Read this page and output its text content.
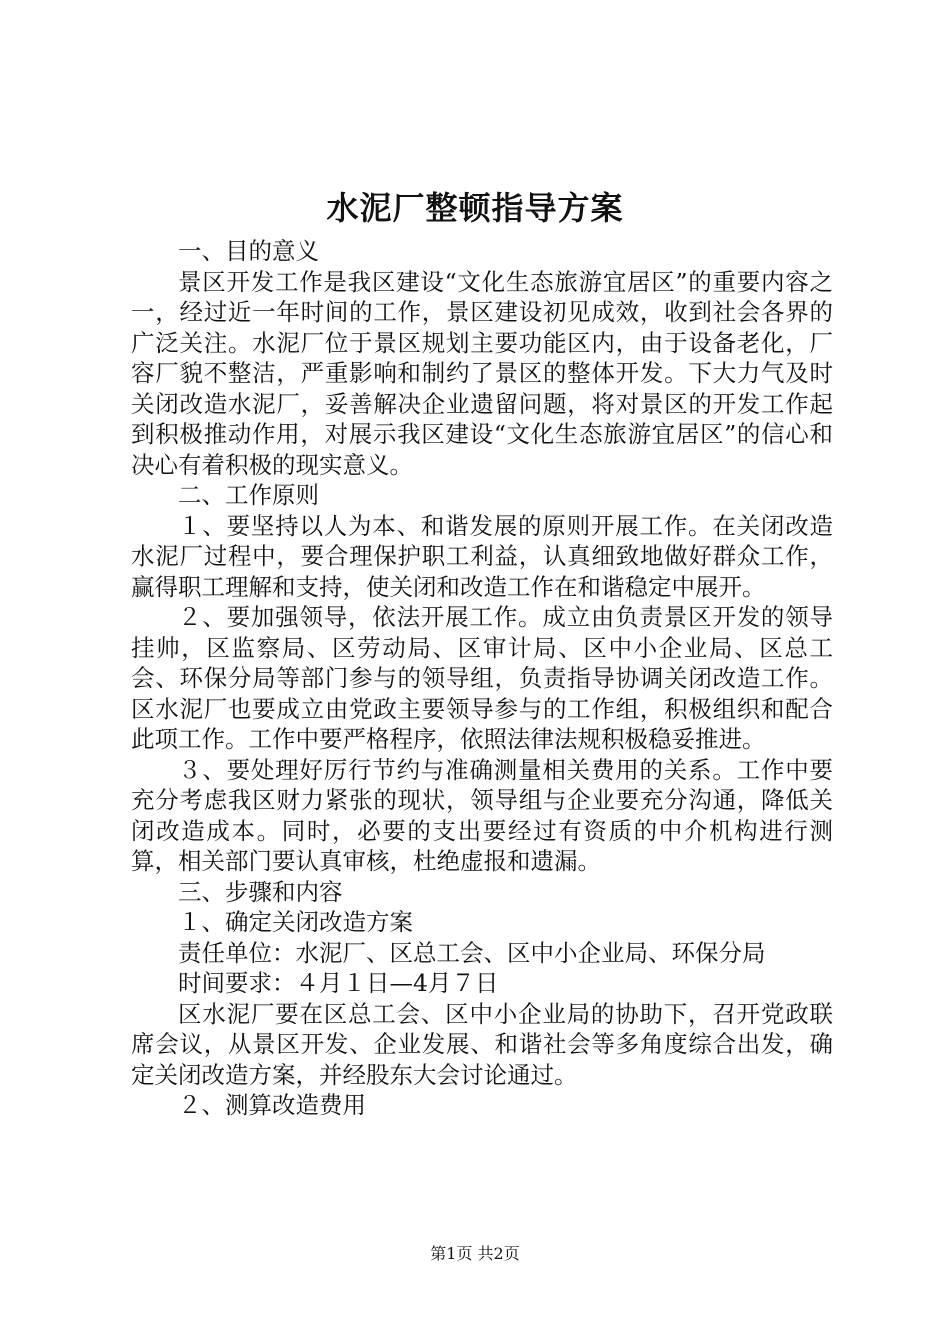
水泥厂整顿指导方案

一、目的意义

景区开发工作是我区建设“文化生态旅游宜居区”的重要内容之一，经过近一年时间的工作，景区建设初见成效，收到社会各界的广泛关注。水泥厂位于景区规划主要功能区内，由于设备老化，厂容厂貌不整洁，严重影响和制约了景区的整体开发。下大力气及时关闭改造水泥厂，妥善解决企业遗留问题，将对景区的开发工作起到积极推动作用，对展示我区建设“文化生态旅游宜居区”的信心和决心有着积极的现实意义。

二、工作原则

１、要坚持以人为本、和谐发展的原则开展工作。在关闭改造水泥厂过程中，要合理保护职工利益，认真细致地做好群众工作，赢得职工理解和支持，使关闭和改造工作在和谐稳定中展开。

２、要加强领导，依法开展工作。成立由负责景区开发的领导挂帅，区监察局、区劳动局、区审计局、区中小企业局、区总工会、环保分局等部门参与的领导组，负责指导协调关闭改造工作。区水泥厂也要成立由党政主要领导参与的工作组，积极组织和配合此项工作。工作中要严格程序，依照法律法规积极稳妥推进。

３、要处理好厉行节约与准确测量相关费用的关系。工作中要充分考虑我区财力紧张的现状，领导组与企业要充分沟通，降低关闭改造成本。同时，必要的支出要经过有资质的中介机构进行测算，相关部门要认真审核，杜绝虚报和遗漏。

三、步骤和内容

１、确定关闭改造方案

责任单位：水泥厂、区总工会、区中小企业局、环保分局

时间要求：４月１日—4月７日

区水泥厂要在区总工会、区中小企业局的协助下，召开党政联席会议，从景区开发、企业发展、和谐社会等多角度综合出发，确定关闭改造方案，并经股东大会讨论通过。

２、测算改造费用

第1页 共2页
